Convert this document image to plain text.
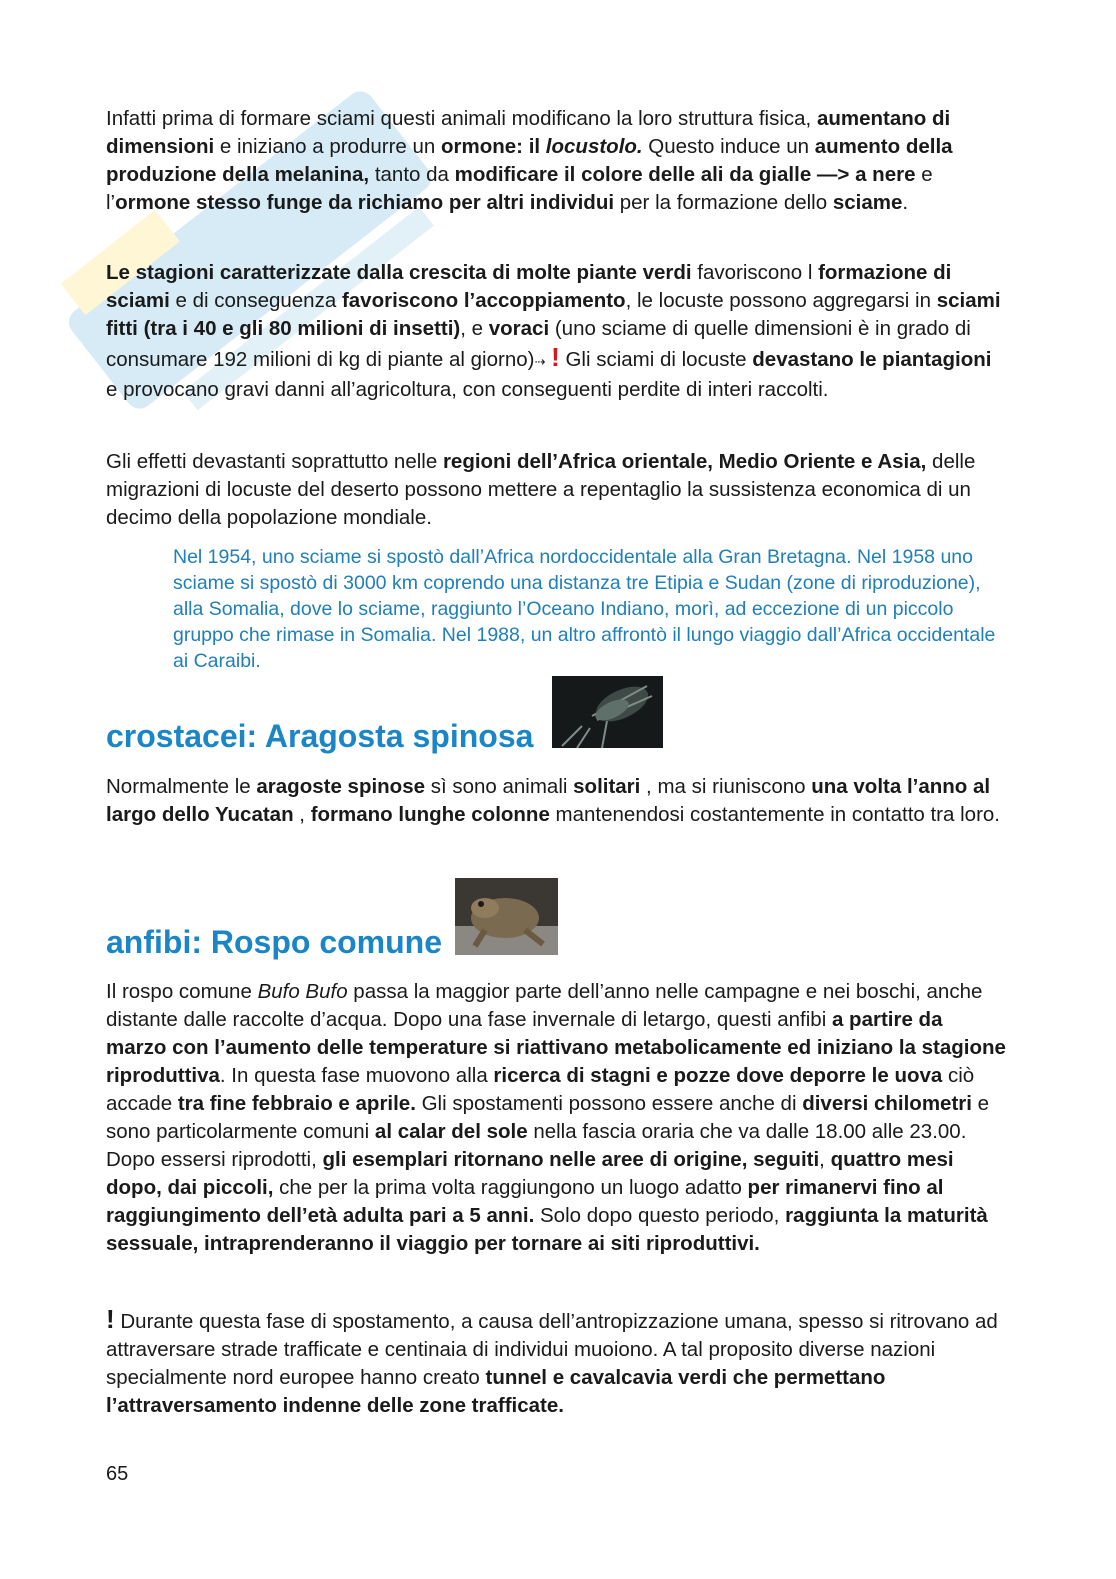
Infatti prima di formare sciami questi animali modificano la loro struttura fisica, aumentano di dimensioni e iniziano a produrre un ormone: il locustolo. Questo induce un aumento della produzione della melanina, tanto da modificare il colore delle ali da gialle —> a nere e l’ormone stesso funge da richiamo per altri individui per la formazione dello sciame.

Le stagioni caratterizzate dalla crescita di molte piante verdi favoriscono l formazione di sciami e di conseguenza favoriscono l’accoppiamento, le locuste possono aggregarsi in sciami fitti (tra i 40 e gli 80 milioni di insetti), e voraci (uno sciame di quelle dimensioni è in grado di consumare 192 milioni di kg di piante al giorno)⇢ ! Gli sciami di locuste devastano le piantagioni e provocano gravi danni all’agricoltura, con conseguenti perdite di interi raccolti.

Gli effetti devastanti soprattutto nelle regioni dell’Africa orientale, Medio Oriente e Asia, delle migrazioni di locuste del deserto possono mettere a repentaglio la sussistenza economica di un decimo della popolazione mondiale.

Nel 1954, uno sciame si spostò dall’Africa nordoccidentale alla Gran Bretagna. Nel 1958 uno sciame si spostò di 3000 km coprendo una distanza tre Etipia e Sudan (zone di riproduzione), alla Somalia, dove lo sciame, raggiunto l’Oceano Indiano, morì, ad eccezione di un piccolo gruppo che rimase in Somalia. Nel 1988, un altro affrontò il lungo viaggio dall’Africa occidentale ai Caraibi.

crostacei: Aragosta spinosa

Normalmente le aragoste spinose sì sono animali solitari , ma si riuniscono una volta l’anno al largo dello Yucatan , formano lunghe colonne mantenendosi costantemente in contatto tra loro.

anfibi: Rospo comune

Il rospo comune Bufo Bufo passa la maggior parte dell’anno nelle campagne e nei boschi, anche distante dalle raccolte d’acqua. Dopo una fase invernale di letargo, questi anfibi a partire da marzo con l’aumento delle temperature si riattivano metabolicamente ed iniziano la stagione riproduttiva. In questa fase muovono alla ricerca di stagni e pozze dove deporre le uova ciò accade tra fine febbraio e aprile. Gli spostamenti possono essere anche di diversi chilometri e sono particolarmente comuni al calar del sole nella fascia oraria che va dalle 18.00 alle 23.00. Dopo essersi riprodotti, gli esemplari ritornano nelle aree di origine, seguiti, quattro mesi dopo, dai piccoli, che per la prima volta raggiungono un luogo adatto per rimanervi fino al raggiungimento dell’età adulta pari a 5 anni. Solo dopo questo periodo, raggiunta la maturità sessuale, intraprenderanno il viaggio per tornare ai siti riproduttivi.

! Durante questa fase di spostamento, a causa dell’antropizzazione umana, spesso si ritrovano ad attraversare strade trafficate e centinaia di individui muoiono. A tal proposito diverse nazioni specialmente nord europee hanno creato tunnel e cavalcavia verdi che permettano l’attraversamento indenne delle zone trafficate.

65
